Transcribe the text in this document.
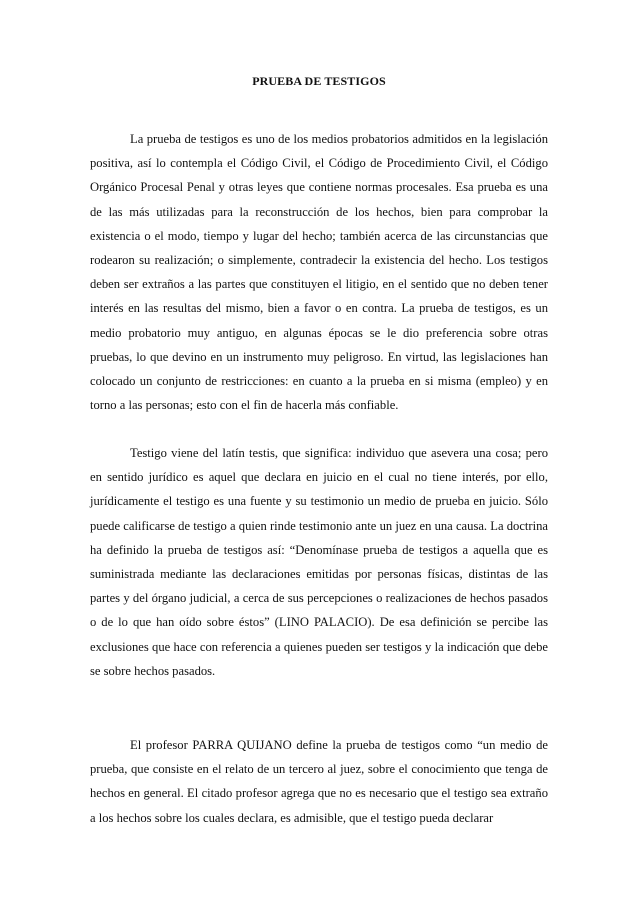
PRUEBA DE TESTIGOS

La prueba de testigos es uno de los medios probatorios admitidos en la legislación positiva, así lo contempla el Código Civil, el Código de Procedimiento Civil, el Código Orgánico Procesal Penal y otras leyes que contiene normas procesales. Esa prueba es una de las más utilizadas para la reconstrucción de los hechos, bien para comprobar la existencia o el modo, tiempo y lugar del hecho; también acerca de las circunstancias que rodearon su realización; o simplemente, contradecir la existencia del hecho. Los testigos deben ser extraños a las partes que constituyen el litigio, en el sentido que no deben tener interés en las resultas del mismo, bien a favor o en contra. La prueba de testigos, es un medio probatorio muy antiguo, en algunas épocas se le dio preferencia sobre otras pruebas, lo que devino en un instrumento muy peligroso. En virtud, las legislaciones han colocado un conjunto de restricciones: en cuanto a la prueba en si misma (empleo) y en torno a las personas; esto con el fin de hacerla más confiable.

Testigo viene del latín testis, que significa: individuo que asevera una cosa; pero en sentido jurídico es aquel que declara en juicio en el cual no tiene interés, por ello, jurídicamente el testigo es una fuente y su testimonio un medio de prueba en juicio. Sólo puede calificarse de testigo a quien rinde testimonio ante un juez en una causa. La doctrina ha definido la prueba de testigos así: “Denomínase prueba de testigos a aquella que es suministrada mediante las declaraciones emitidas por personas físicas, distintas de las partes y del órgano judicial, a cerca de sus percepciones o realizaciones de hechos pasados o de lo que han oído sobre éstos” (LINO PALACIO). De esa definición se percibe las exclusiones que hace con referencia a quienes pueden ser testigos y la indicación que debe se sobre hechos pasados.

El profesor PARRA QUIJANO define la prueba de testigos como “un medio de prueba, que consiste en el relato de un tercero al juez, sobre el conocimiento que tenga de hechos en general. El citado profesor agrega que no es necesario que el testigo sea extraño a los hechos sobre los cuales declara, es admisible, que el testigo pueda declarar
